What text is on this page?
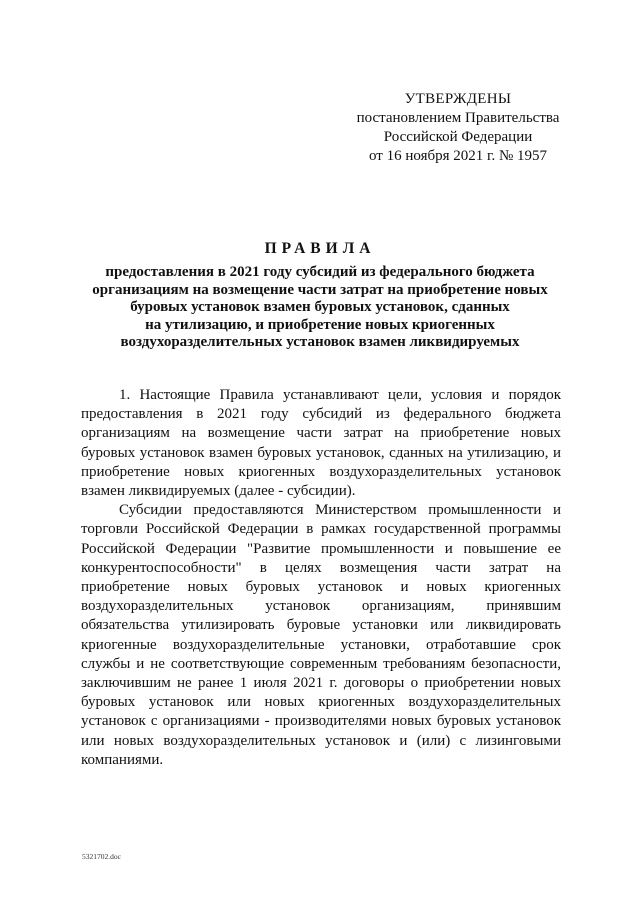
УТВЕРЖДЕНЫ
постановлением Правительства
Российской Федерации
от 16 ноября 2021 г. № 1957
ПРАВИЛА
предоставления в 2021 году субсидий из федерального бюджета
организациям на возмещение части затрат на приобретение новых
буровых установок взамен буровых установок, сданных
на утилизацию, и приобретение новых криогенных
воздухоразделительных установок взамен ликвидируемых

1. Настоящие Правила устанавливают цели, условия и порядок предоставления в 2021 году субсидий из федерального бюджета организациям на возмещение части затрат на приобретение новых буровых установок взамен буровых установок, сданных на утилизацию, и приобретение новых криогенных воздухоразделительных установок взамен ликвидируемых (далее - субсидии).

Субсидии предоставляются Министерством промышленности и торговли Российской Федерации в рамках государственной программы Российской Федерации "Развитие промышленности и повышение ее конкурентоспособности" в целях возмещения части затрат на приобретение новых буровых установок и новых криогенных воздухоразделительных установок организациям, принявшим обязательства утилизировать буровые установки или ликвидировать криогенные воздухоразделительные установки, отработавшие срок службы и не соответствующие современным требованиям безопасности, заключившим не ранее 1 июля 2021 г. договоры о приобретении новых буровых установок или новых криогенных воздухоразделительных установок с организациями - производителями новых буровых установок или новых воздухоразделительных установок и (или) с лизинговыми компаниями.

5321702.doc
